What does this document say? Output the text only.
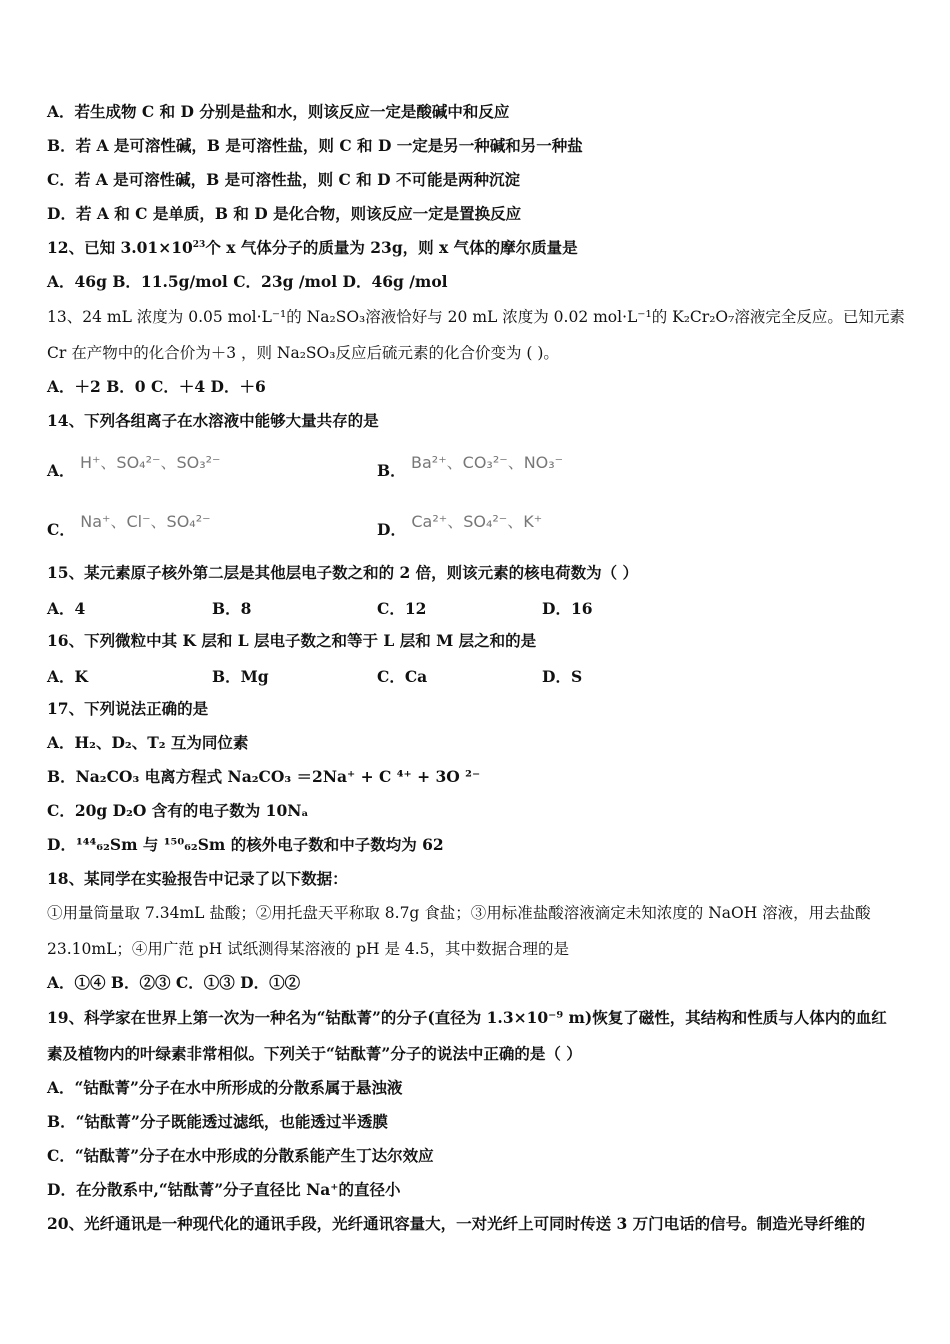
A．若生成物 C 和 D 分别是盐和水，则该反应一定是酸碱中和反应
B．若 A 是可溶性碱，B 是可溶性盐，则 C 和 D 一定是另一种碱和另一种盐
C．若 A 是可溶性碱，B 是可溶性盐，则 C 和 D 不可能是两种沉淀
D．若 A 和 C 是单质，B 和 D 是化合物，则该反应一定是置换反应
12、已知 $3.01\times 10^{23}$个 x 气体分子的质量为 23g，则 x 气体的摩尔质量是
A．46g B．11.5g/mol C．23g /mol D．46g /mol
13、24 mL 浓度为 0.05 mol·L⁻¹的 Na₂SO₃溶液恰好与 20 mL 浓度为 0.02 mol·L⁻¹的 K₂Cr₂O₇溶液完全反应。已知元素
Cr 在产物中的化合价为＋3 ，则 Na₂SO₃反应后硫元素的化合价变为 ( )。
A．＋2 B．0 C．＋4 D．＋6
14、下列各组离子在水溶液中能够大量共存的是
A． H⁺、SO₄²⁻、SO₃²⁻	B． Ba²⁺、CO₃²⁻、NO₃⁻
C． Na⁺、Cl⁻、SO₄²⁻	D． Ca²⁺、SO₄²⁻、K⁺
15、某元素原子核外第二层是其他层电子数之和的 2 倍，则该元素的核电荷数为（ ）
A．4	B．8	C．12	D．16
16、下列微粒中其 K 层和 L 层电子数之和等于 L 层和 M 层之和的是
A．K	B．Mg	C．Ca	D．S
17、下列说法正确的是
A．H₂、D₂、T₂ 互为同位素
B．Na₂CO₃ 电离方程式 Na₂CO₃ ＝2Na⁺ + C ⁴⁺ + 3O ²⁻
C．20g D₂O 含有的电子数为 10Nₐ
D．¹⁴⁴₆₂Sm 与 ¹⁵⁰₆₂Sm 的核外电子数和中子数均为 62
18、某同学在实验报告中记录了以下数据：
①用量筒量取 7.34mL 盐酸；②用托盘天平称取 8.7g 食盐；③用标准盐酸溶液滴定未知浓度的 NaOH 溶液，用去盐酸
23.10mL；④用广范 pH 试纸测得某溶液的 pH 是 4.5，其中数据合理的是
A．①④ B．②③ C．①③ D．①②
19、科学家在世界上第一次为一种名为“钴酞菁”的分子(直径为 1.3×10⁻⁹ m)恢复了磁性，其结构和性质与人体内的血红
素及植物内的叶绿素非常相似。下列关于“钴酞菁”分子的说法中正确的是（ ）
A．“钴酞菁”分子在水中所形成的分散系属于悬浊液
B．“钴酞菁”分子既能透过滤纸，也能透过半透膜
C．“钴酞菁”分子在水中形成的分散系能产生丁达尔效应
D．在分散系中,“钴酞菁”分子直径比 Na⁺的直径小
20、光纤通讯是一种现代化的通讯手段，光纤通讯容量大，一对光纤上可同时传送 3 万门电话的信号。制造光导纤维的
